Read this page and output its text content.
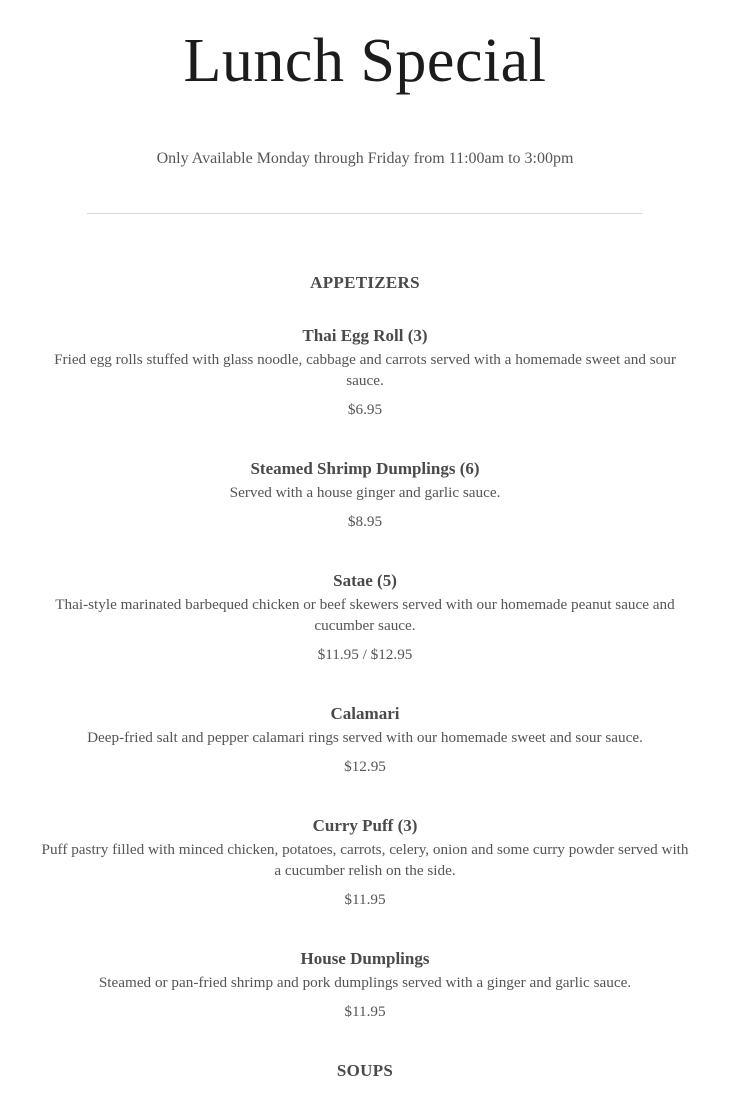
Lunch Special

Only Available Monday through Friday from 11:00am to 3:00pm

APPETIZERS

Thai Egg Roll (3)

Fried egg rolls stuffed with glass noodle, cabbage and carrots served with a homemade sweet and sour sauce.

$6.95

Steamed Shrimp Dumplings (6)

Served with a house ginger and garlic sauce.

$8.95

Satae (5)

Thai-style marinated barbequed chicken or beef skewers served with our homemade peanut sauce and cucumber sauce.

$11.95 / $12.95

Calamari

Deep-fried salt and pepper calamari rings served with our homemade sweet and sour sauce.

$12.95

Curry Puff (3)

Puff pastry filled with minced chicken, potatoes, carrots, celery, onion and some curry powder served with a cucumber relish on the side.

$11.95

House Dumplings

Steamed or pan-fried shrimp and pork dumplings served with a ginger and garlic sauce.

$11.95

SOUPS
